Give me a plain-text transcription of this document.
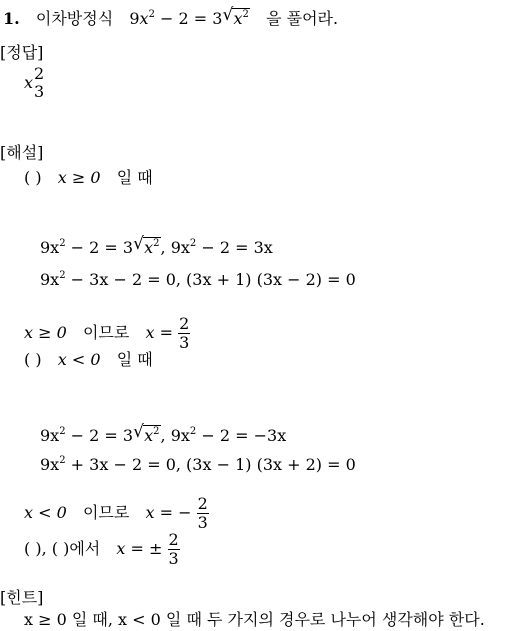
1. 이차방정식 $9x^2 - 2 = 3√$ $x^2$ 을 풀어라.
[정답]
x 2
3
[해설]
( ) x ≥ 0 일 때
$9x^2 - 2 = 3√$ $x^2$, $9x^2 - 2 = 3x$
$9x^2 - 3x - 2 = 0$, (3x + 1) (3x − 2) = 0
x ≥ 0 이므로 $x = \frac{2}{3}$
( ) x < 0 일 때
$9x^2 - 2 = 3√$ $x^2$, $9x^2 - 2 = -3x$
$9x^2 + 3x - 2 = 0$, (3x − 1) (3x + 2) = 0
x < 0 이므로 x = − $\frac{2}{3}$
( ), ( )에서 x = ± $\frac{2}{3}$
[힌트]
x ≥ 0 일 때, x < 0 일 때 두 가지의 경우로 나누어 생각해야 한다.
